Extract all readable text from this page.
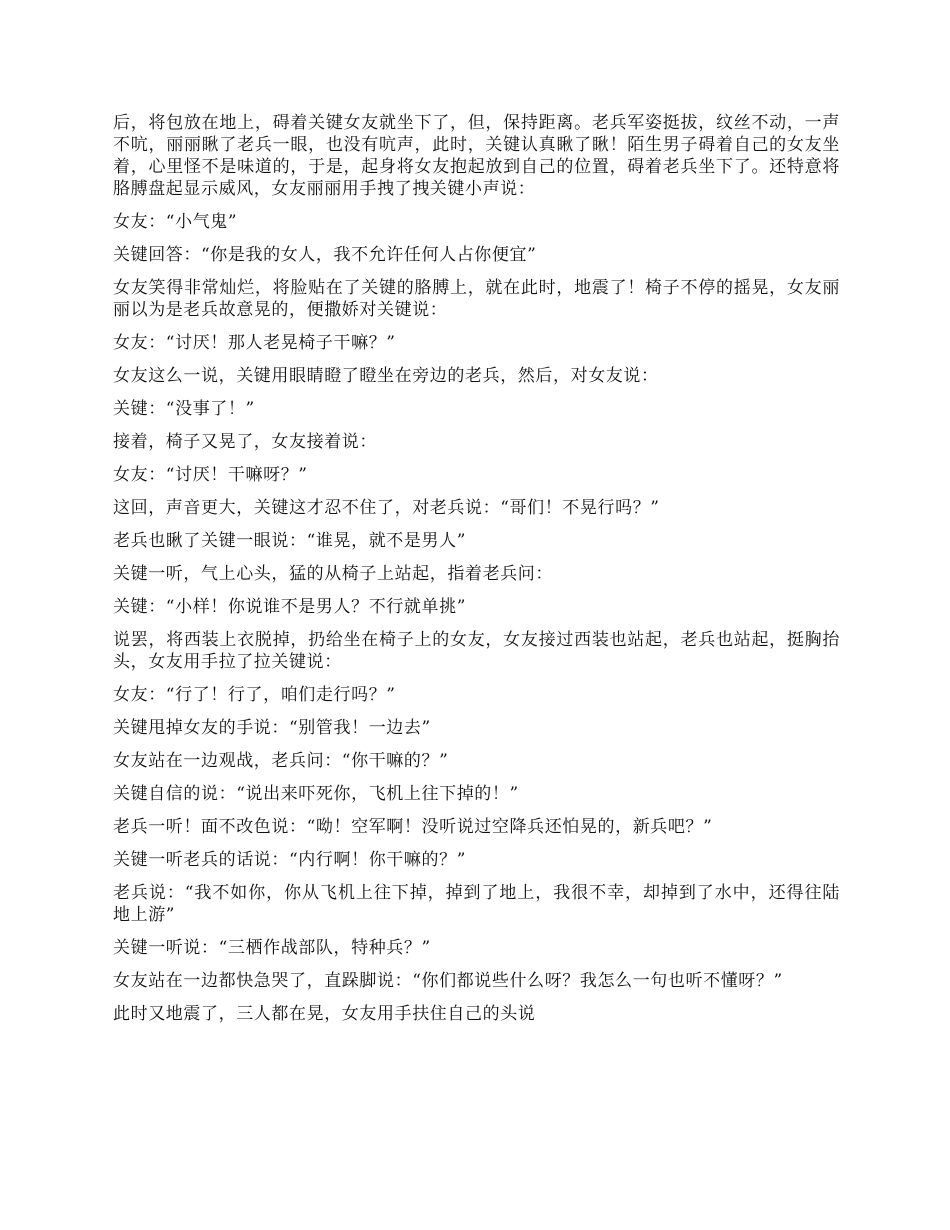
后，将包放在地上，碍着关键女友就坐下了，但，保持距离。老兵军姿挺拔，纹丝不动，一声不吭，丽丽瞅了老兵一眼，也没有吭声，此时，关键认真瞅了瞅！陌生男子碍着自己的女友坐着，心里怪不是味道的，于是，起身将女友抱起放到自己的位置，碍着老兵坐下了。还特意将胳膊盘起显示威风，女友丽丽用手拽了拽关键小声说：

女友：“小气鬼”

关键回答：“你是我的女人，我不允许任何人占你便宜”

女友笑得非常灿烂，将脸贴在了关键的胳膊上，就在此时，地震了！椅子不停的摇晃，女友丽丽以为是老兵故意晃的，便撒娇对关键说：

女友：“讨厌！那人老晃椅子干嘛？”

女友这么一说，关键用眼睛瞪了瞪坐在旁边的老兵，然后，对女友说：

关键：“没事了！”

接着，椅子又晃了，女友接着说：

女友：“讨厌！干嘛呀？”

这回，声音更大，关键这才忍不住了，对老兵说：“哥们！不晃行吗？”

老兵也瞅了关键一眼说：“谁晃，就不是男人”

关键一听，气上心头，猛的从椅子上站起，指着老兵问：

关键：“小样！你说谁不是男人？不行就单挑”

说罢，将西装上衣脱掉，扔给坐在椅子上的女友，女友接过西装也站起，老兵也站起，挺胸抬头，女友用手拉了拉关键说：

女友：“行了！行了，咱们走行吗？”

关键甩掉女友的手说：“别管我！一边去”

女友站在一边观战，老兵问：“你干嘛的？”

关键自信的说：“说出来吓死你，飞机上往下掉的！”

老兵一听！面不改色说：“呦！空军啊！没听说过空降兵还怕晃的，新兵吧？”

关键一听老兵的话说：“内行啊！你干嘛的？”

老兵说：“我不如你，你从飞机上往下掉，掉到了地上，我很不幸，却掉到了水中，还得往陆地上游”

关键一听说：“三栖作战部队，特种兵？”

女友站在一边都快急哭了，直跺脚说：“你们都说些什么呀？我怎么一句也听不懂呀？”

此时又地震了，三人都在晃，女友用手扶住自己的头说
